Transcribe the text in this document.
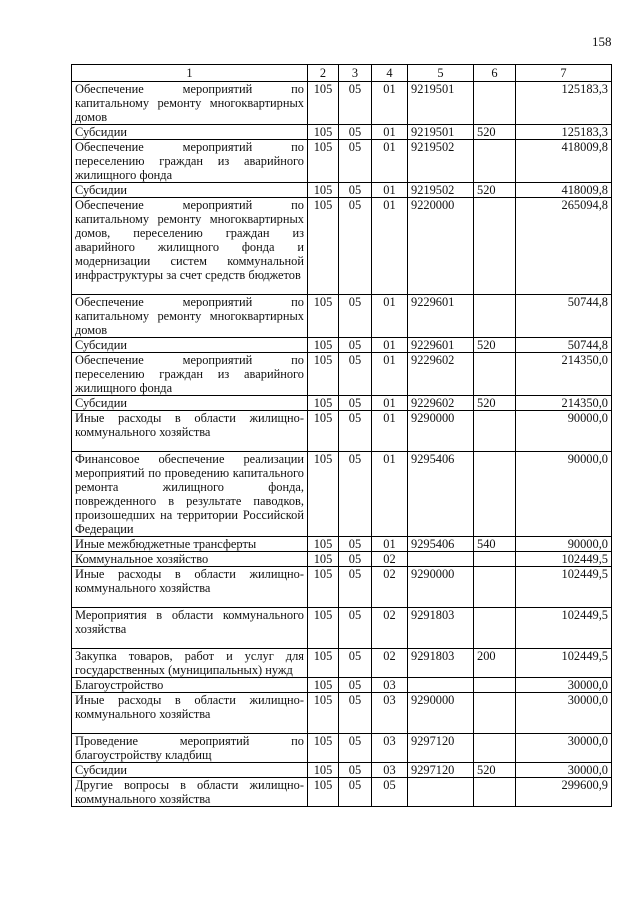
158
1	2	3	4	5	6	7
Обеспечение мероприятий по капитальному ремонту многоквартирных домов	105	05	01	9219501		125183,3
Субсидии	105	05	01	9219501	520	125183,3
Обеспечение мероприятий по переселению граждан из аварийного жилищного фонда	105	05	01	9219502		418009,8
Субсидии	105	05	01	9219502	520	418009,8
Обеспечение мероприятий по капитальному ремонту многоквартирных домов, переселению граждан из аварийного жилищного фонда и модернизации систем коммунальной инфраструктуры за счет средств бюджетов	105	05	01	9220000		265094,8
Обеспечение мероприятий по капитальному ремонту многоквартирных домов	105	05	01	9229601		50744,8
Субсидии	105	05	01	9229601	520	50744,8
Обеспечение мероприятий по переселению граждан из аварийного жилищного фонда	105	05	01	9229602		214350,0
Субсидии	105	05	01	9229602	520	214350,0
Иные расходы в области жилищно-коммунального хозяйства	105	05	01	9290000		90000,0
Финансовое обеспечение реализации мероприятий по проведению капитального ремонта жилищного фонда, поврежденного в результате паводков, произошедших на территории Российской Федерации	105	05	01	9295406		90000,0
Иные межбюджетные трансферты	105	05	01	9295406	540	90000,0
Коммунальное хозяйство	105	05	02			102449,5
Иные расходы в области жилищно-коммунального хозяйства	105	05	02	9290000		102449,5
Мероприятия в области коммунального хозяйства	105	05	02	9291803		102449,5
Закупка товаров, работ и услуг для государственных (муниципальных) нужд	105	05	02	9291803	200	102449,5
Благоустройство	105	05	03			30000,0
Иные расходы в области жилищно-коммунального хозяйства	105	05	03	9290000		30000,0
Проведение мероприятий по благоустройству кладбищ	105	05	03	9297120		30000,0
Субсидии	105	05	03	9297120	520	30000,0
Другие вопросы в области жилищно-коммунального хозяйства	105	05	05			299600,9
